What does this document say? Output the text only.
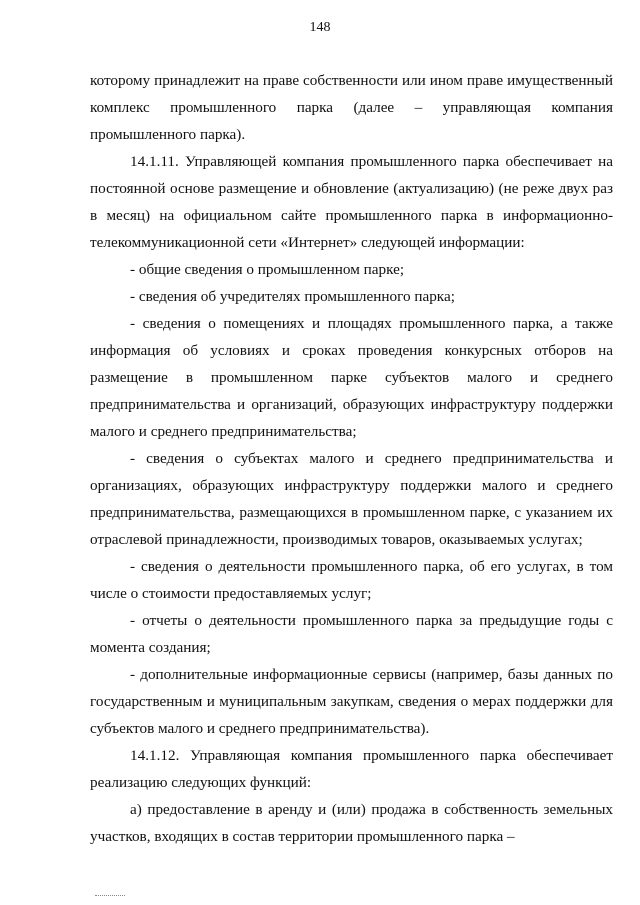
148

которому принадлежит на праве собственности или ином праве имущественный комплекс промышленного парка (далее – управляющая компания промышленного парка).

14.1.11. Управляющей компания промышленного парка обеспечивает на постоянной основе размещение и обновление (актуализацию) (не реже двух раз в месяц) на официальном сайте промышленного парка в информационно-телекоммуникационной сети «Интернет» следующей информации:

- общие сведения о промышленном парке;

- сведения об учредителях промышленного парка;

- сведения о помещениях и площадях промышленного парка, а также информация об условиях и сроках проведения конкурсных отборов на размещение в промышленном парке субъектов малого и среднего предпринимательства и организаций, образующих инфраструктуру поддержки малого и среднего предпринимательства;

- сведения о субъектах малого и среднего предпринимательства и организациях, образующих инфраструктуру поддержки малого и среднего предпринимательства, размещающихся в промышленном парке, с указанием их отраслевой принадлежности, производимых товаров, оказываемых услугах;

- сведения о деятельности промышленного парка, об его услугах, в том числе о стоимости предоставляемых услуг;

- отчеты о деятельности промышленного парка за предыдущие годы с момента создания;

- дополнительные информационные сервисы (например, базы данных по государственным и муниципальным закупкам, сведения о мерах поддержки для субъектов малого и среднего предпринимательства).

14.1.12. Управляющая компания промышленного парка обеспечивает реализацию следующих функций:

а) предоставление в аренду и (или) продажа в собственность земельных участков, входящих в состав территории промышленного парка –
